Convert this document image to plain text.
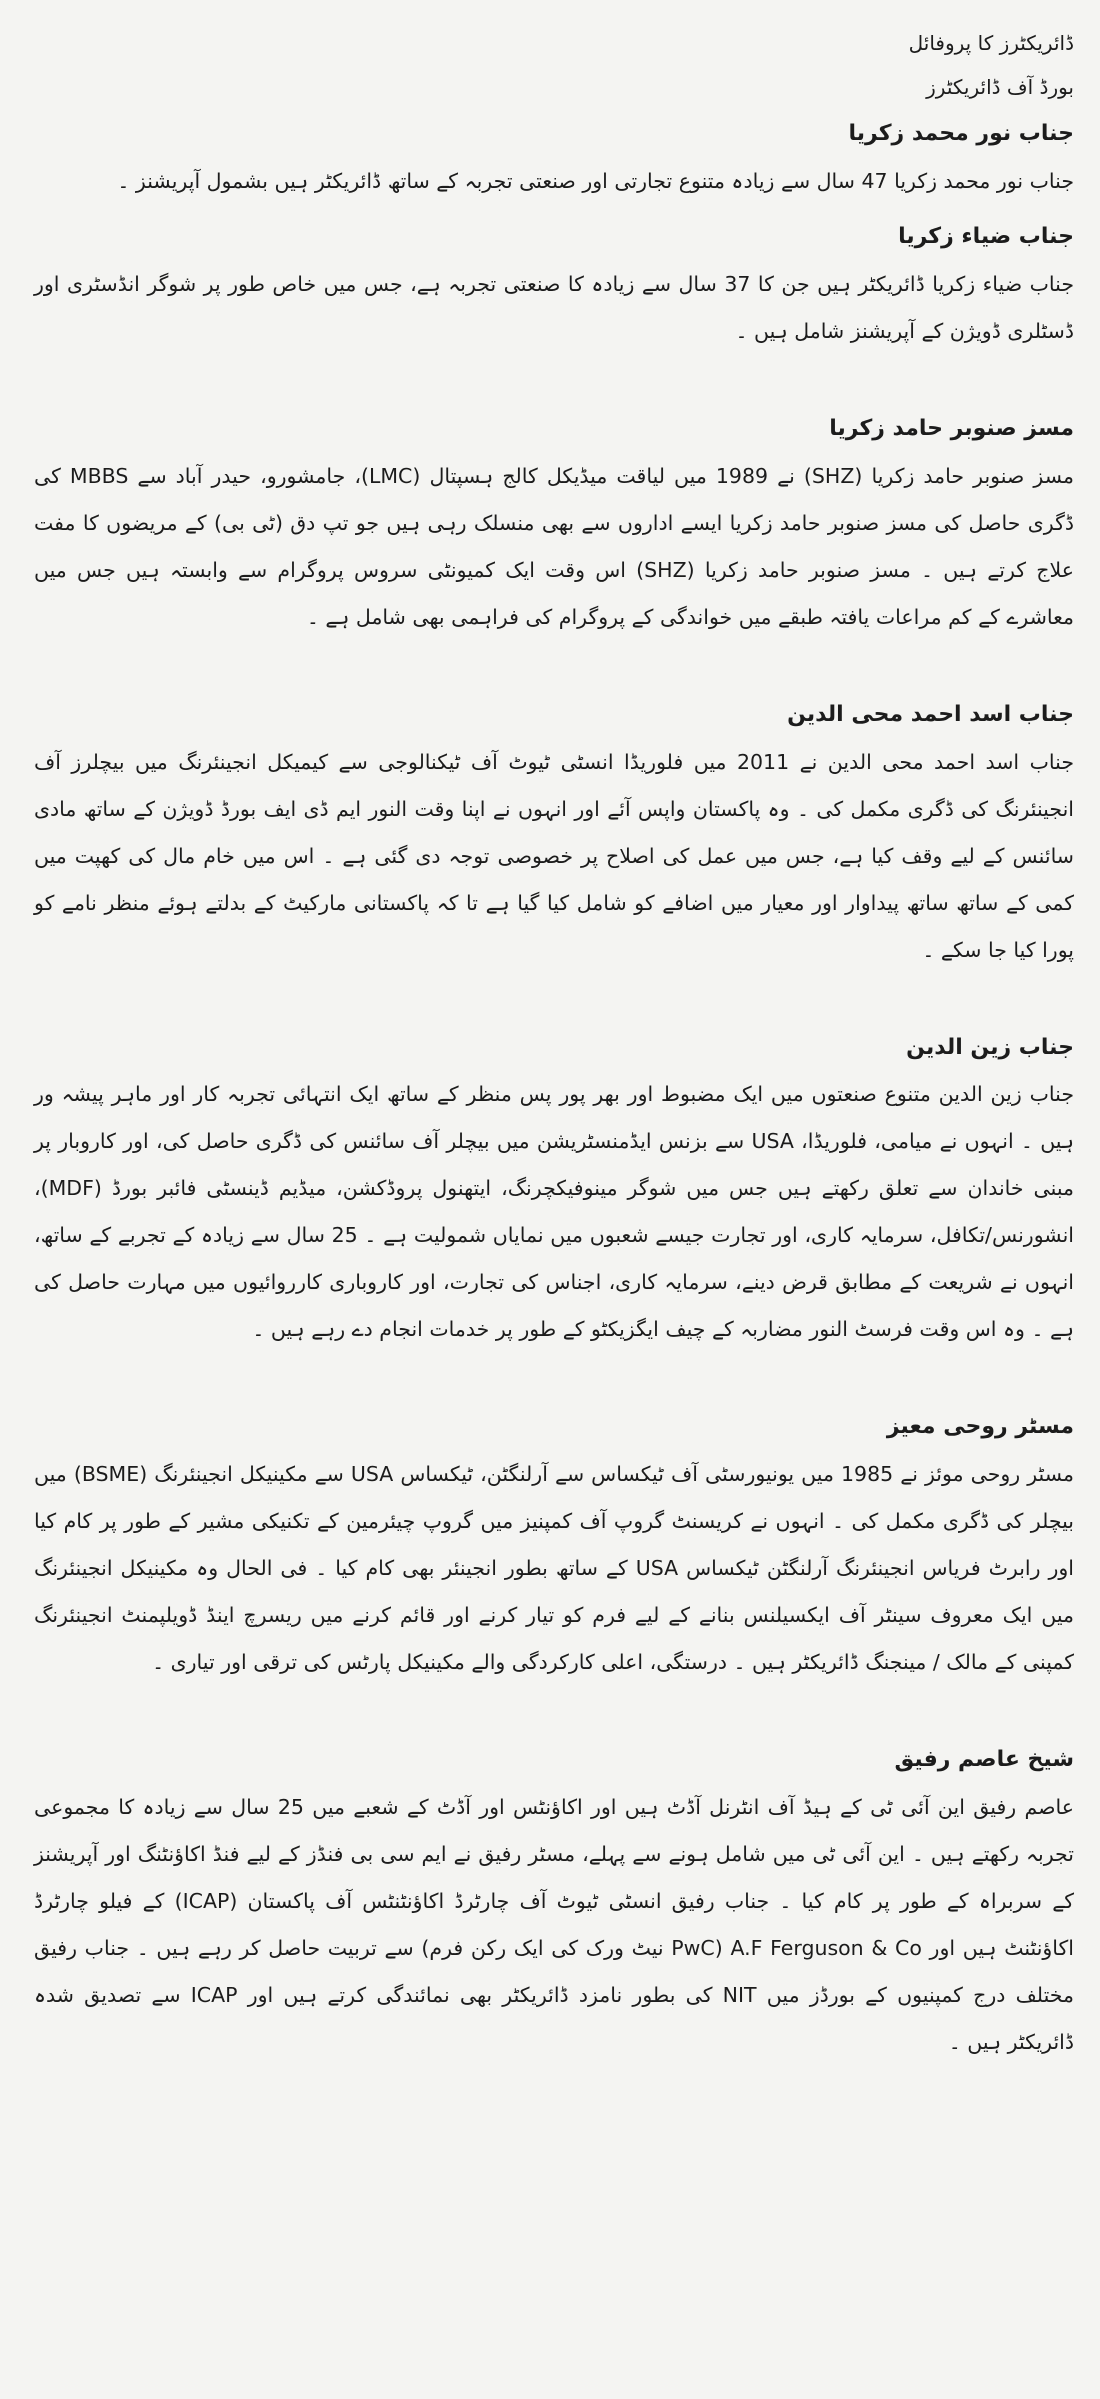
ڈائریکٹرز کا پروفائل

بورڈ آف ڈائریکٹرز

جناب نور محمد زکریا

جناب نور محمد زکریا 47 سال سے زیادہ متنوع تجارتی اور صنعتی تجربہ کے ساتھ ڈائریکٹر ہیں بشمول آپریشنز ۔

جناب ضیاء زکریا

جناب ضیاء زکریا ڈائریکٹر ہیں جن کا 37 سال سے زیادہ کا صنعتی تجربہ ہے، جس میں خاص طور پر شوگر انڈسٹری اور ڈسٹلری ڈویژن کے آپریشنز شامل ہیں ۔

مسز صنوبر حامد زکریا

مسز صنوبر حامد زکریا (SHZ) نے 1989 میں لیاقت میڈیکل کالج ہسپتال (LMC)، جامشورو، حیدر آباد سے MBBS کی ڈگری حاصل کی مسز صنوبر حامد زکریا ایسے اداروں سے بھی منسلک رہی ہیں جو تپ دق (ٹی بی) کے مریضوں کا مفت علاج کرتے ہیں ۔ مسز صنوبر حامد زکریا (SHZ) اس وقت ایک کمیونٹی سروس پروگرام سے وابستہ ہیں جس میں معاشرے کے کم مراعات یافتہ طبقے میں خواندگی کے پروگرام کی فراہمی بھی شامل ہے ۔

جناب اسد احمد محی الدین

جناب اسد احمد محی الدین نے 2011 میں فلوریڈا انسٹی ٹیوٹ آف ٹیکنالوجی سے کیمیکل انجینئرنگ میں بیچلرز آف انجینئرنگ کی ڈگری مکمل کی ۔ وہ پاکستان واپس آئے اور انہوں نے اپنا وقت النور ایم ڈی ایف بورڈ ڈویژن کے ساتھ مادی سائنس کے لیے وقف کیا ہے، جس میں عمل کی اصلاح پر خصوصی توجہ دی گئی ہے ۔ اس میں خام مال کی کھپت میں کمی کے ساتھ ساتھ پیداوار اور معیار میں اضافے کو شامل کیا گیا ہے تا کہ پاکستانی مارکیٹ کے بدلتے ہوئے منظر نامے کو پورا کیا جا سکے ۔

جناب زین الدین

جناب زین الدین متنوع صنعتوں میں ایک مضبوط اور بھر پور پس منظر کے ساتھ ایک انتہائی تجربہ کار اور ماہر پیشہ ور ہیں ۔ انہوں نے میامی، فلوریڈا، USA سے بزنس ایڈمنسٹریشن میں بیچلر آف سائنس کی ڈگری حاصل کی، اور کاروبار پر مبنی خاندان سے تعلق رکھتے ہیں جس میں شوگر مینوفیکچرنگ، ایتھنول پروڈکشن، میڈیم ڈینسٹی فائبر بورڈ (MDF)، انشورنس/تکافل، سرمایہ کاری، اور تجارت جیسے شعبوں میں نمایاں شمولیت ہے ۔ 25 سال سے زیادہ کے تجربے کے ساتھ، انہوں نے شریعت کے مطابق قرض دینے، سرمایہ کاری، اجناس کی تجارت، اور کاروباری کارروائیوں میں مہارت حاصل کی ہے ۔ وہ اس وقت فرسٹ النور مضاربہ کے چیف ایگزیکٹو کے طور پر خدمات انجام دے رہے ہیں ۔

مسٹر روحی معیز

مسٹر روحی موئز نے 1985 میں یونیورسٹی آف ٹیکساس سے آرلنگٹن، ٹیکساس USA سے مکینیکل انجینئرنگ (BSME) میں بیچلر کی ڈگری مکمل کی ۔ انہوں نے کریسنٹ گروپ آف کمپنیز میں گروپ چیئرمین کے تکنیکی مشیر کے طور پر کام کیا اور رابرٹ فریاس انجینئرنگ آرلنگٹن ٹیکساس USA کے ساتھ بطور انجینئر بھی کام کیا ۔ فی الحال وہ مکینیکل انجینئرنگ میں ایک معروف سینٹر آف ایکسیلنس بنانے کے لیے فرم کو تیار کرنے اور قائم کرنے میں ریسرچ اینڈ ڈویلپمنٹ انجینئرنگ کمپنی کے مالک / مینجنگ ڈائریکٹر ہیں ۔ درستگی، اعلی کارکردگی والے مکینیکل پارٹس کی ترقی اور تیاری ۔

شیخ عاصم رفیق

عاصم رفیق این آئی ٹی کے ہیڈ آف انٹرنل آڈٹ ہیں اور اکاؤنٹس اور آڈٹ کے شعبے میں 25 سال سے زیادہ کا مجموعی تجربہ رکھتے ہیں ۔ این آئی ٹی میں شامل ہونے سے پہلے، مسٹر رفیق نے ایم سی بی فنڈز کے لیے فنڈ اکاؤنٹنگ اور آپریشنز کے سربراہ کے طور پر کام کیا ۔ جناب رفیق انسٹی ٹیوٹ آف چارٹرڈ اکاؤنٹنٹس آف پاکستان (ICAP) کے فیلو چارٹرڈ اکاؤنٹنٹ ہیں اور A.F Ferguson & Co (PwC نیٹ ورک کی ایک رکن فرم) سے تربیت حاصل کر رہے ہیں ۔ جناب رفیق مختلف درج کمپنیوں کے بورڈز میں NIT کی بطور نامزد ڈائریکٹر بھی نمائندگی کرتے ہیں اور ICAP سے تصدیق شدہ ڈائریکٹر ہیں ۔
